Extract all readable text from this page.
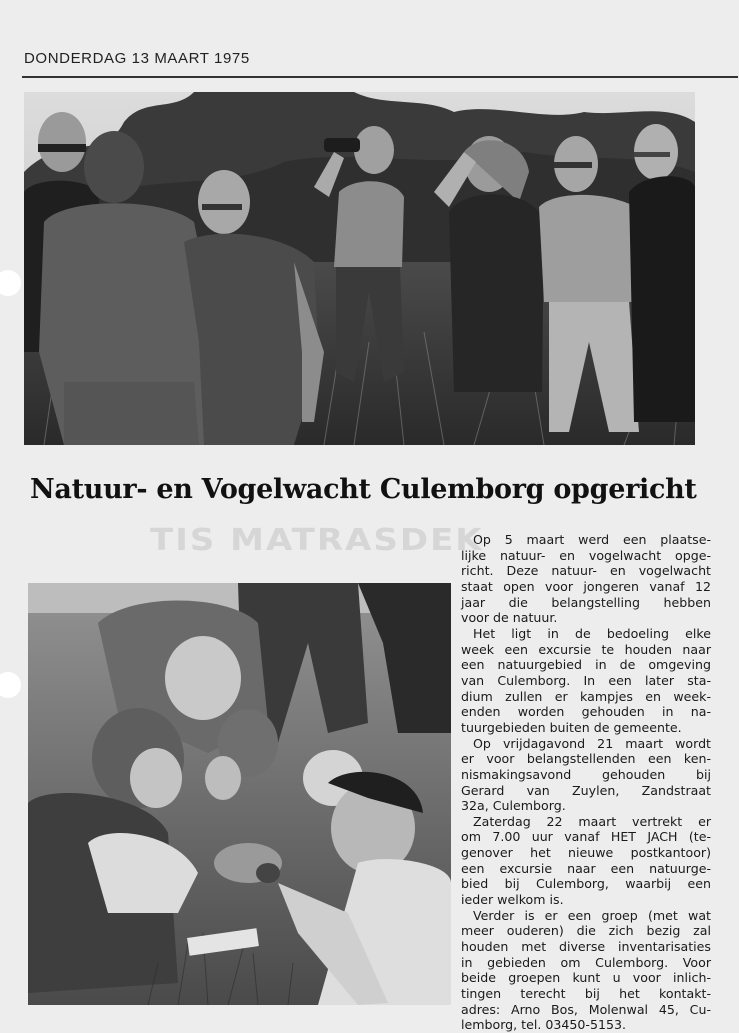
DONDERDAG 13 MAART 1975
Natuur- en Vogelwacht Culemborg opgericht
TIS MATRASDEK

Op 5 maart werd een plaatse-
lijke natuur- en vogelwacht opge-
richt. Deze natuur- en vogelwacht
staat open voor jongeren vanaf 12
jaar die belangstelling hebben
voor de natuur.

Het ligt in de bedoeling elke
week een excursie te houden naar
een natuurgebied in de omgeving
van Culemborg. In een later sta-
dium zullen er kampjes en week-
enden worden gehouden in na-
tuurgebieden buiten de gemeente.

Op vrijdagavond 21 maart wordt
er voor belangstellenden een ken-
nismakingsavond gehouden bij
Gerard van Zuylen, Zandstraat
32a, Culemborg.

Zaterdag 22 maart vertrekt er
om 7.00 uur vanaf HET JACH (te-
genover het nieuwe postkantoor)
een excursie naar een natuurge-
bied bij Culemborg, waarbij een
ieder welkom is.

Verder is er een groep (met wat
meer ouderen) die zich bezig zal
houden met diverse inventarisaties
in gebieden om Culemborg. Voor
beide groepen kunt u voor inlich-
tingen terecht bij het kontakt-
adres: Arno Bos, Molenwal 45, Cu-
lemborg, tel. 03450-5153.
